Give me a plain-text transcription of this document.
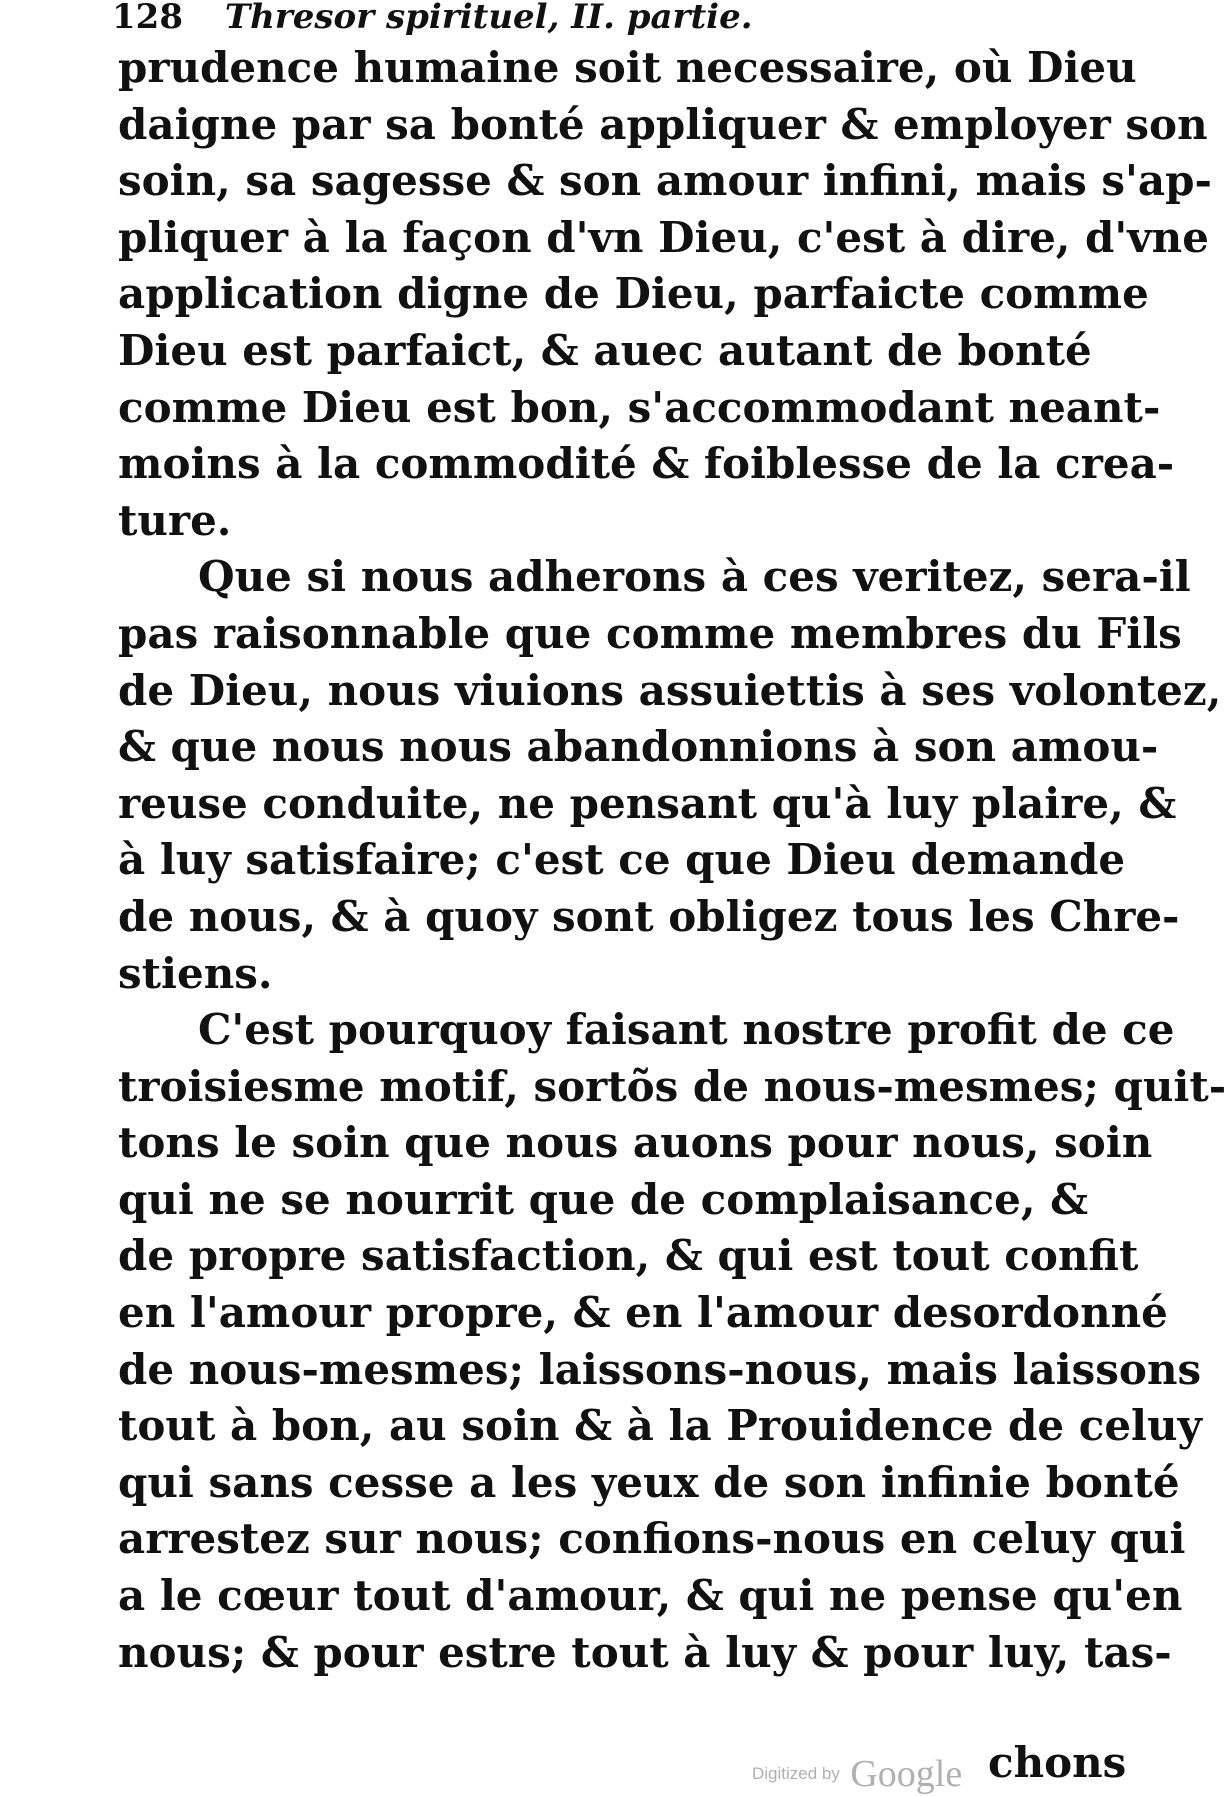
128 Thresor spirituel, II. partie.
prudence humaine soit necessaire, où Dieu
daigne par sa bonté appliquer & employer son
soin, sa sagesse & son amour infini, mais s'ap-
pliquer à la façon d'vn Dieu, c'est à dire, d'vne
application digne de Dieu, parfaicte comme
Dieu est parfaict, & auec autant de bonté
comme Dieu est bon, s'accommodant neant-
moins à la commodité & foiblesse de la crea-
ture.
Que si nous adherons à ces veritez, sera-il
pas raisonnable que comme membres du Fils
de Dieu, nous viuions assuiettis à ses volontez,
& que nous nous abandonnions à son amou-
reuse conduite, ne pensant qu'à luy plaire, &
à luy satisfaire; c'est ce que Dieu demande
de nous, & à quoy sont obligez tous les Chre-
stiens.
C'est pourquoy faisant nostre profit de ce
troisiesme motif, sortõs de nous-mesmes; quit-
tons le soin que nous auons pour nous, soin
qui ne se nourrit que de complaisance, &
de propre satisfaction, & qui est tout confit
en l'amour propre, & en l'amour desordonné
de nous-mesmes; laissons-nous, mais laissons
tout à bon, au soin & à la Prouidence de celuy
qui sans cesse a les yeux de son infinie bonté
arrestez sur nous; confions-nous en celuy qui
a le cœur tout d'amour, & qui ne pense qu'en
nous; & pour estre tout à luy & pour luy, tas-
Digitized by Google chons
